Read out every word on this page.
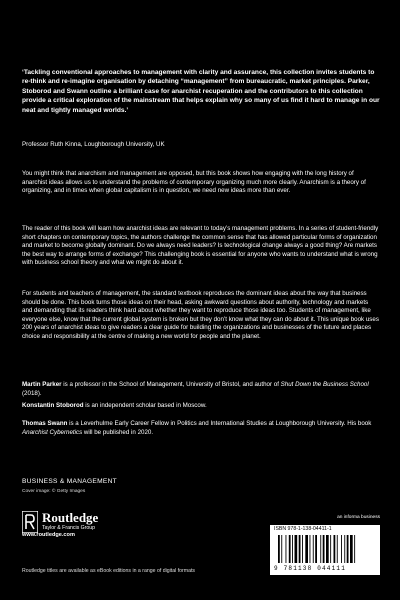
‘Tackling conventional approaches to management with clarity and assurance, this collection invites students to re-think and re-imagine organisation by detaching “management” from bureaucratic, market principles. Parker, Stoborod and Swann outline a brilliant case for anarchist recuperation and the contributors to this collection provide a critical exploration of the mainstream that helps explain why so many of us find it hard to manage in our neat and tightly managed worlds.’

Professor Ruth Kinna, Loughborough University, UK

You might think that anarchism and management are opposed, but this book shows how engaging with the long history of anarchist ideas allows us to understand the problems of contemporary organizing much more clearly. Anarchism is a theory of organizing, and in times when global capitalism is in question, we need new ideas more than ever.

The reader of this book will learn how anarchist ideas are relevant to today’s management problems. In a series of student-friendly short chapters on contemporary topics, the authors challenge the common sense that has allowed particular forms of organization and market to become globally dominant. Do we always need leaders? Is technological change always a good thing? Are markets the best way to arrange forms of exchange? This challenging book is essential for anyone who wants to understand what is wrong with business school theory and what we might do about it.

For students and teachers of management, the standard textbook reproduces the dominant ideas about the way that business should be done. This book turns those ideas on their head, asking awkward questions about authority, technology and markets and demanding that its readers think hard about whether they want to reproduce those ideas too. Students of management, like everyone else, know that the current global system is broken but they don’t know what they can do about it. This unique book uses 200 years of anarchist ideas to give readers a clear guide for building the organizations and businesses of the future and places choice and responsibility at the centre of making a new world for people and the planet.

Martin Parker is a professor in the School of Management, University of Bristol, and author of Shut Down the Business School (2018).

Konstantin Stoborod is an independent scholar based in Moscow.

Thomas Swann is a Leverhulme Early Career Fellow in Politics and International Studies at Loughborough University. His book Anarchist Cybernetics will be published in 2020.

BUSINESS & MANAGEMENT
Cover image: © Getty Images
Routledge
Taylor & Francis Group
www.routledge.com
Routledge titles are available as eBook editions in a range of digital formats
an informa business
ISBN 978-1-138-04411-1
9 781138 044111
